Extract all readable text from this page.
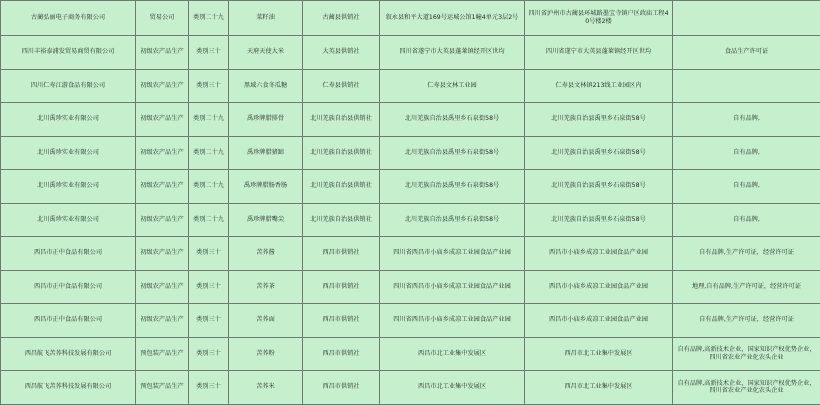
古蔺弘丽电子商务有限公司	贸易公司	类别二十九	菜籽油	古蔺县供销社	叙永县和平大道169号运城公馆1幢4单元3层2号	四川省泸州市古蔺县环城路墨宝寺镇户区政庙工程40号楼2楼	
四川丰裕泰浦发贸易商贸有限公司	初级农产品生产	类别三十	天府天使大米	大英县供销社	四川省遂宁市大英县蓬莱镇经开区世均	四川省遂宁市大英县蓬莱镇经开区世均	食品生产许可证
四川仁寿江游食品有限公司	初级农产品生产	类别三十	黑域六食冬瓜糖	仁寿县供销社	仁寿县文林工业园	仁寿县文林镇213线工业园区内	
北川禹珍实业有限公司	初级农产品生产	类别二十九	禹珍牌腊排骨	北川羌族自治县供销社	北川羌族自治县禹里乡石泉街58号	北川羌族自治县禹里乡石泉街58号	自有品牌,
北川禹珍实业有限公司	初级农产品生产	类别二十九	禹珍牌腊猪蹄	北川羌族自治县供销社	北川羌族自治县禹里乡石泉街58号	北川羌族自治县禹里乡石泉街58号	自有品牌,
北川禹珍实业有限公司	初级农产品生产	类别二十九	禹珍牌腊肠香肠	北川羌族自治县供销社	北川羌族自治县禹里乡石泉街58号	北川羌族自治县禹里乡石泉街58号	自有品牌,
北川禹珍实业有限公司	初级农产品生产	类别二十九	禹珍牌腊嘴尖	北川羌族自治县供销社	北川羌族自治县禹里乡石泉街58号	北川羌族自治县禹里乡石泉街58号	自有品牌,
西昌市正中食品有限公司	初级农产品生产	类别三十	苦荞酱	西昌市供销社	四川省西昌市小庙乡成凉工业园食品产业园	西昌市小庙乡成凉工业园食品产业园	自有品牌,生产许可证，经营许可证
西昌市正中食品有限公司	初级农产品生产	类别三十	苦荞茶	西昌市供销社	四川省西昌市小庙乡成凉工业园食品产业园	西昌市小庙乡成凉工业园食品产业园	地理,自有品牌,生产许可证，经营许可证
西昌市正中食品有限公司	初级农产品生产	类别三十	苦荞面	西昌市供销社	四川省西昌市小庙乡成凉工业园食品产业园	西昌市小庙乡成凉工业园食品产业园	自有品牌,生产许可证，经营许可证
西昌航飞苦荞科技发展有限公司	预包装产品生产	类别三十	苦荞粉	西昌市供销社	西昌市北工业集中发展区	西昌市北工业集中发展区	自有品牌,高新技术企业，国家知识产权优势企业，四川省农业产业化农头企业
西昌航飞苦荞科技发展有限公司	预包装产品生产	类别三十	苦荞米	西昌市供销社	西昌市北工业集中发展区	西昌市北工业集中发展区	自有品牌,高新技术企业，国家知识产权优势企业，四川省农业产业化农头企业
